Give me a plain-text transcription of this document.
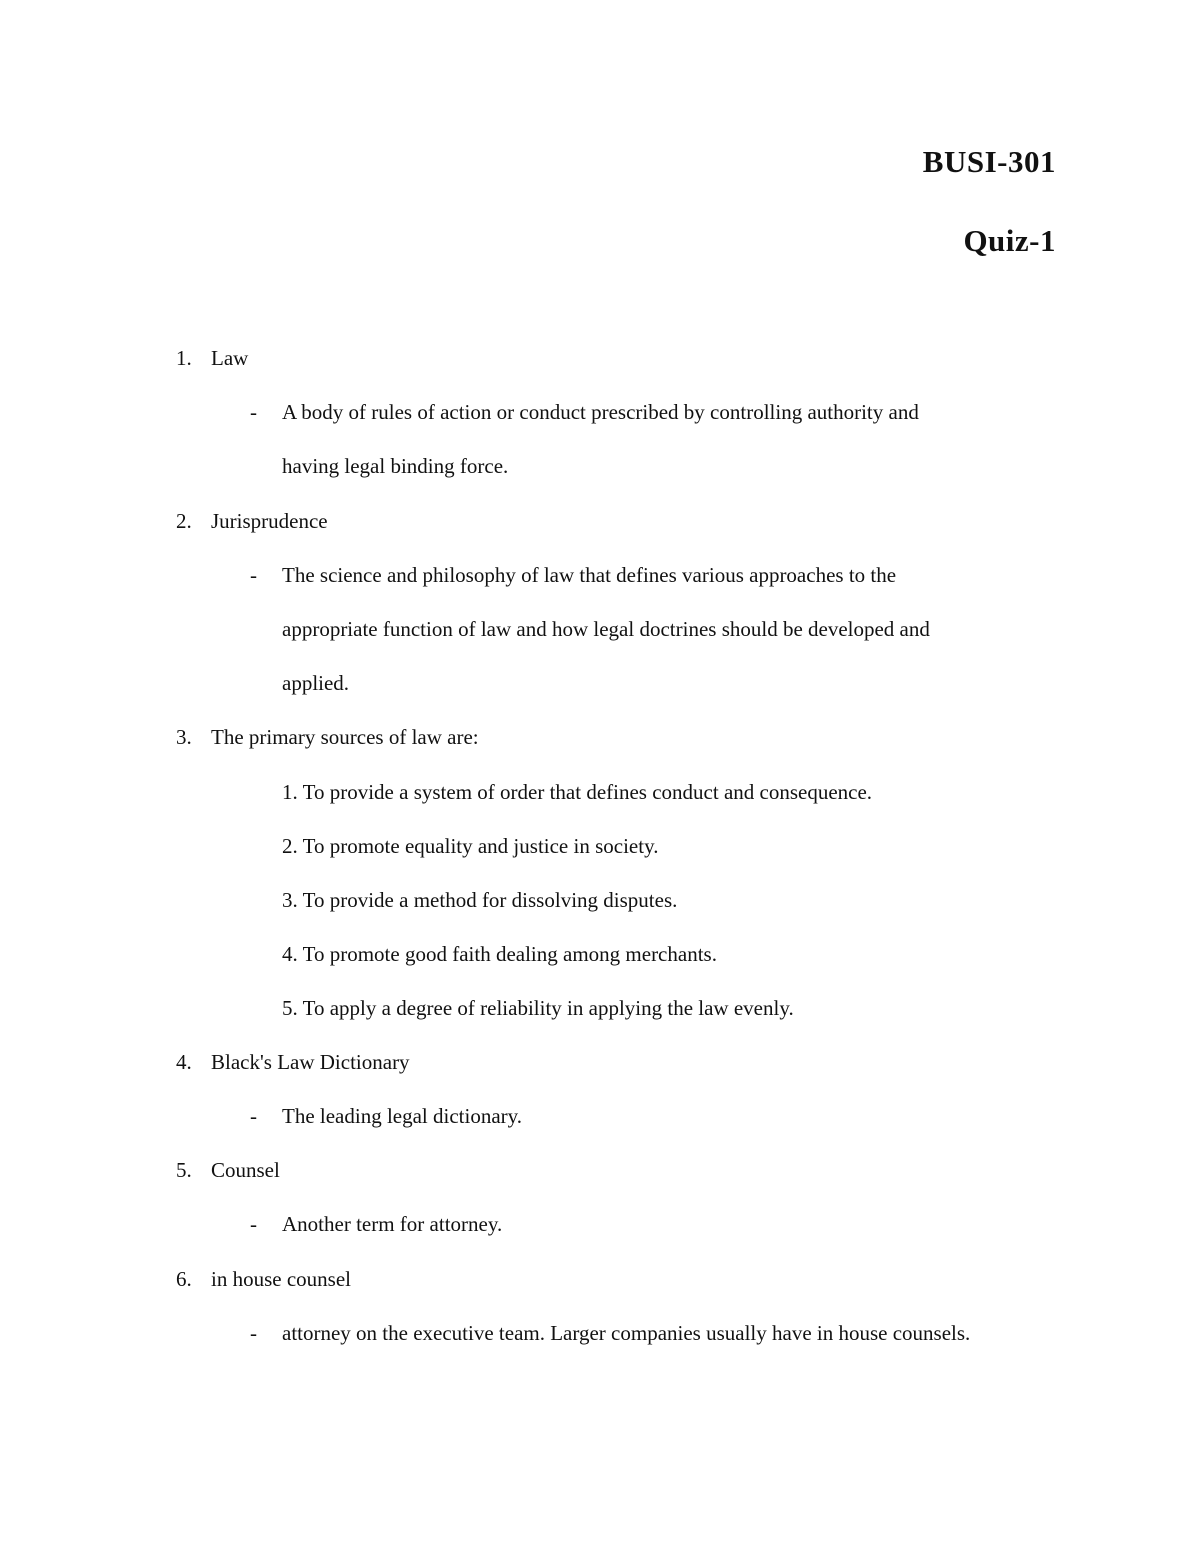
BUSI-301
Quiz-1
1. Law
- A body of rules of action or conduct prescribed by controlling authority and
having legal binding force.
2. Jurisprudence
- The science and philosophy of law that defines various approaches to the
appropriate function of law and how legal doctrines should be developed and
applied.
3. The primary sources of law are:
1. To provide a system of order that defines conduct and consequence.
2. To promote equality and justice in society.
3. To provide a method for dissolving disputes.
4. To promote good faith dealing among merchants.
5. To apply a degree of reliability in applying the law evenly.
4. Black's Law Dictionary
- The leading legal dictionary.
5. Counsel
- Another term for attorney.
6. in house counsel
- attorney on the executive team. Larger companies usually have in house counsels.
